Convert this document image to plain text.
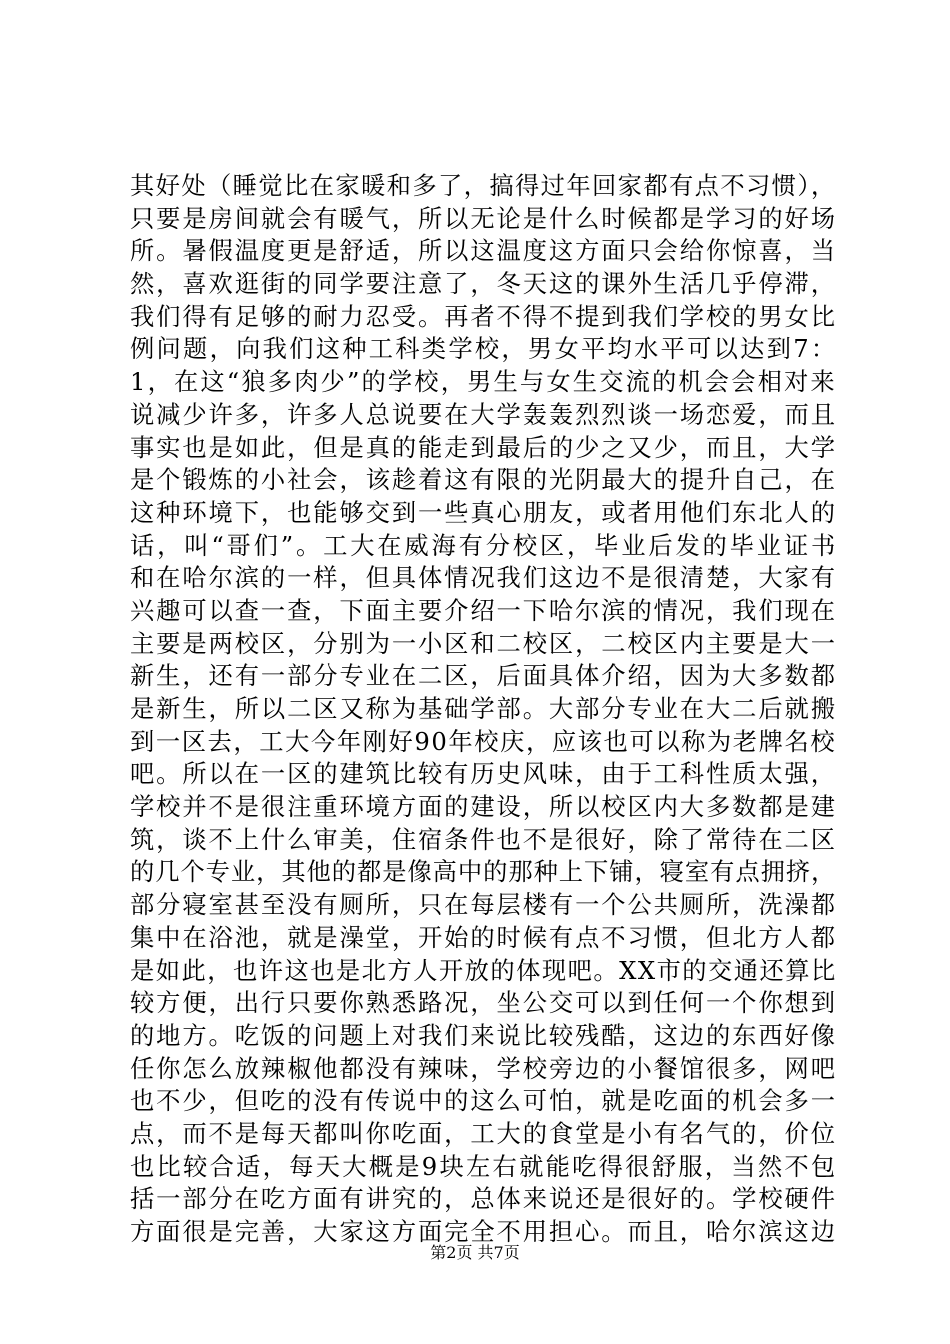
其好处（睡觉比在家暖和多了，搞得过年回家都有点不习惯），
只要是房间就会有暖气，所以无论是什么时候都是学习的好场
所。暑假温度更是舒适，所以这温度这方面只会给你惊喜，当
然，喜欢逛街的同学要注意了，冬天这的课外生活几乎停滞，
我们得有足够的耐力忍受。再者不得不提到我们学校的男女比
例问题，向我们这种工科类学校，男女平均水平可以达到7：
1，在这“狼多肉少”的学校，男生与女生交流的机会会相对来
说减少许多，许多人总说要在大学轰轰烈烈谈一场恋爱，而且
事实也是如此，但是真的能走到最后的少之又少，而且，大学
是个锻炼的小社会，该趁着这有限的光阴最大的提升自己，在
这种环境下，也能够交到一些真心朋友，或者用他们东北人的
话，叫“哥们”。工大在威海有分校区，毕业后发的毕业证书
和在哈尔滨的一样，但具体情况我们这边不是很清楚，大家有
兴趣可以查一查，下面主要介绍一下哈尔滨的情况，我们现在
主要是两校区，分别为一小区和二校区，二校区内主要是大一
新生，还有一部分专业在二区，后面具体介绍，因为大多数都
是新生，所以二区又称为基础学部。大部分专业在大二后就搬
到一区去，工大今年刚好90年校庆，应该也可以称为老牌名校
吧。所以在一区的建筑比较有历史风味，由于工科性质太强，
学校并不是很注重环境方面的建设，所以校区内大多数都是建
筑，谈不上什么审美，住宿条件也不是很好，除了常待在二区
的几个专业，其他的都是像高中的那种上下铺，寝室有点拥挤，
部分寝室甚至没有厕所，只在每层楼有一个公共厕所，洗澡都
集中在浴池，就是澡堂，开始的时候有点不习惯，但北方人都
是如此，也许这也是北方人开放的体现吧。XX市的交通还算比
较方便，出行只要你熟悉路况，坐公交可以到任何一个你想到
的地方。吃饭的问题上对我们来说比较残酷，这边的东西好像
任你怎么放辣椒他都没有辣味，学校旁边的小餐馆很多，网吧
也不少，但吃的没有传说中的这么可怕，就是吃面的机会多一
点，而不是每天都叫你吃面，工大的食堂是小有名气的，价位
也比较合适，每天大概是9块左右就能吃得很舒服，当然不包
括一部分在吃方面有讲究的，总体来说还是很好的。学校硬件
方面很是完善，大家这方面完全不用担心。而且，哈尔滨这边
第2页 共7页
